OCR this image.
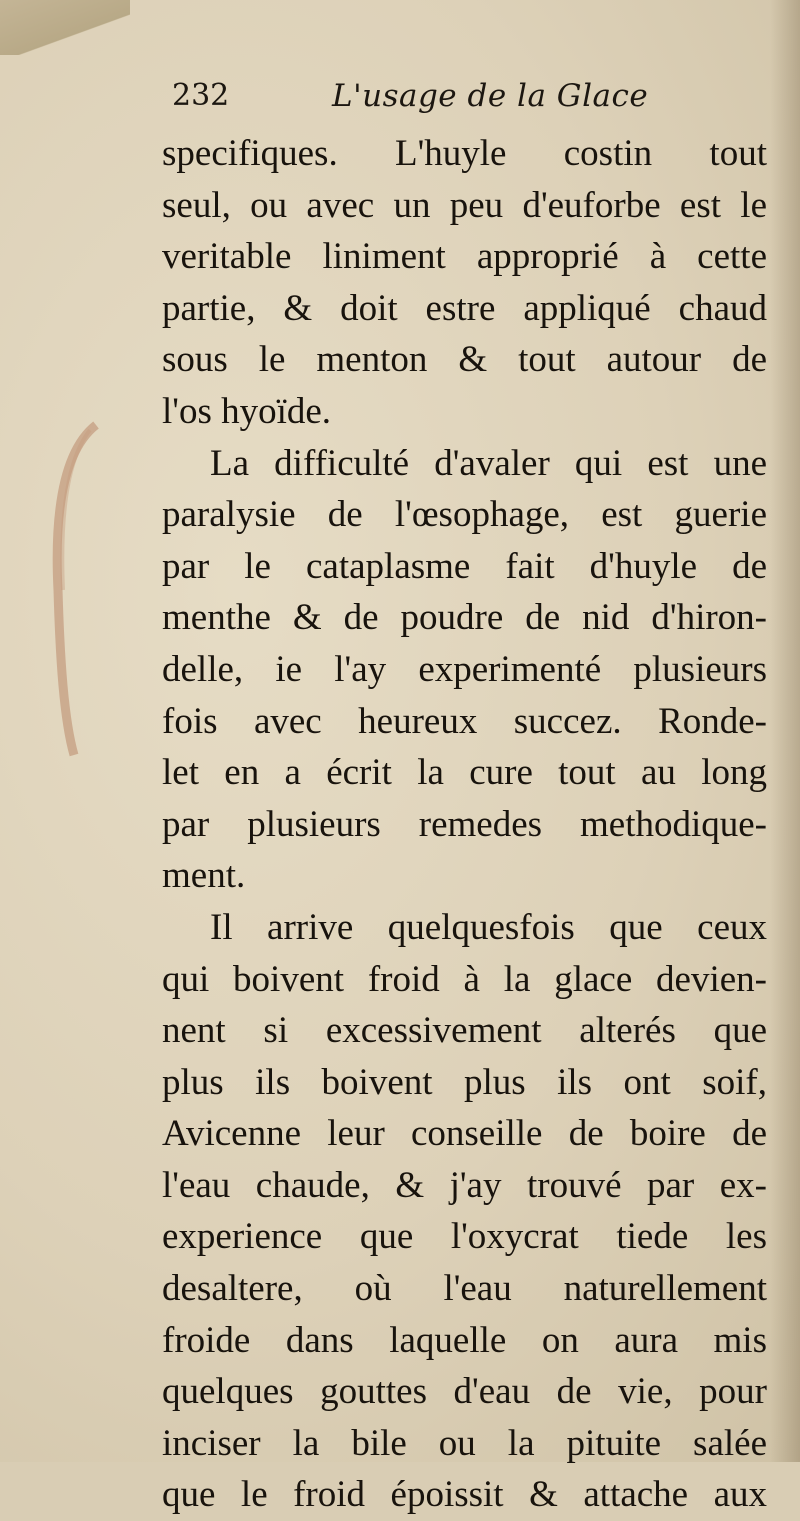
232	L'usage de la Glace
specifiques. L'huyle costin tout
seul, ou avec un peu d'euforbe est le
veritable liniment approprié à cette
partie, & doit estre appliqué chaud
sous le menton & tout autour de
l'os hyoïde.
La difficulté d'avaler qui est une
paralysie de l'œsophage, est guerie
par le cataplasme fait d'huyle de
menthe & de poudre de nid d'hiron-
delle, ie l'ay experimenté plusieurs
fois avec heureux succez. Ronde-
let en a écrit la cure tout au long
par plusieurs remedes methodique-
ment.
Il arrive quelquesfois que ceux
qui boivent froid à la glace devien-
nent si excessivement alterés que
plus ils boivent plus ils ont soif,
Avicenne leur conseille de boire de
l'eau chaude, & j'ay trouvé par ex-
experience que l'oxycrat tiede les
desaltere, où l'eau naturellement
froide dans laquelle on aura mis
quelques gouttes d'eau de vie, pour
inciser la bile ou la pituite salée
que le froid époissit & attache aux
